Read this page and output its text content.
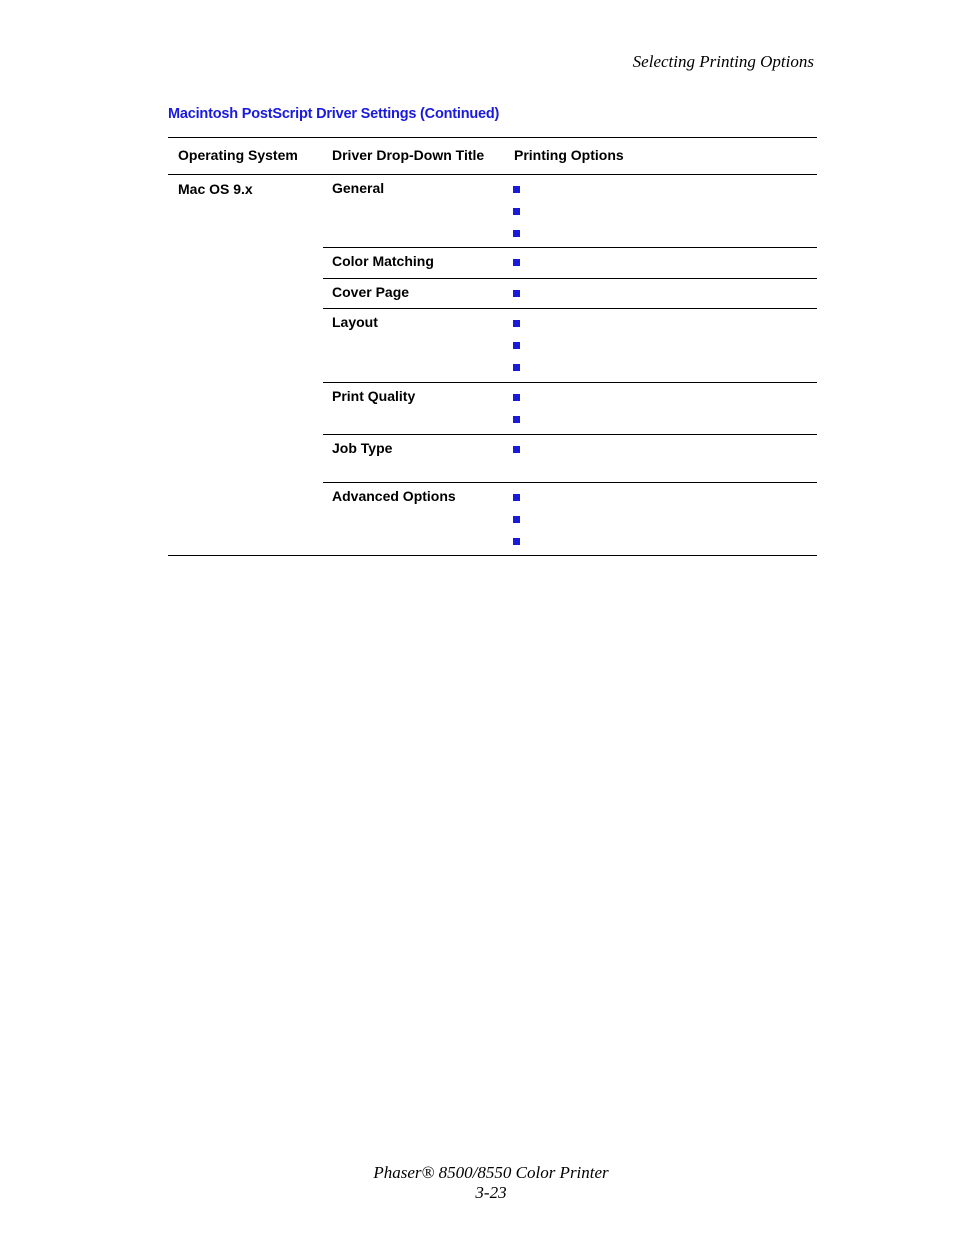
Selecting Printing Options
Macintosh PostScript Driver Settings (Continued)
Operating System Driver Drop-Down Title Printing Options
Mac OS 9.x	General
Color Matching
Cover Page
Layout
Print Quality
Job Type
Advanced Options
Phaser® 8500/8550 Color Printer
3-23
